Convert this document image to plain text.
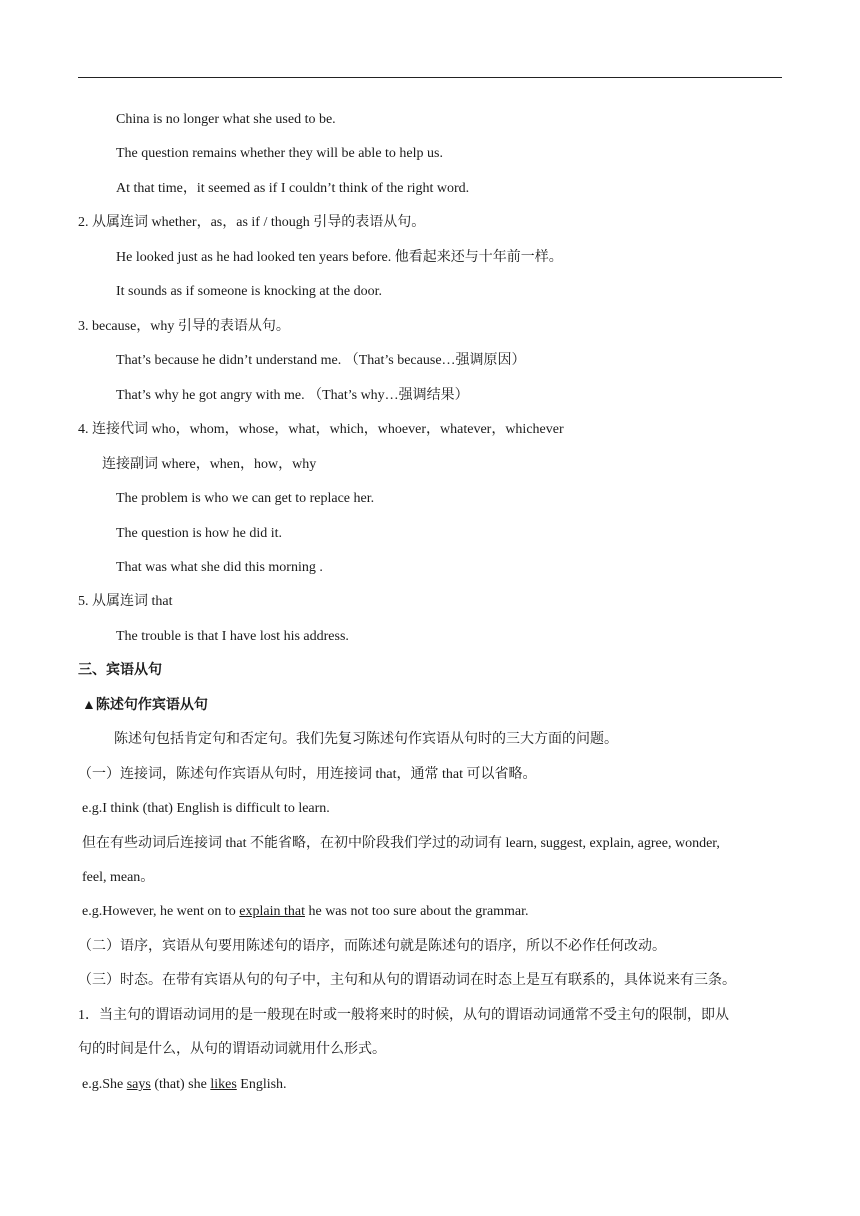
China is no longer what she used to be.
The question remains whether they will be able to help us.
At that time，it seemed as if I couldn’t think of the right word.
2. 从属连词 whether，as，as if / though 引导的表语从句。
He looked just as he had looked ten years before. 他看起来还与十年前一样。
It sounds as if someone is knocking at the door.
3. because，why 引导的表语从句。
That’s because he didn’t understand me. （That’s because…强调原因）
That’s why he got angry with me. （That’s why…强调结果）
4. 连接代词 who，whom，whose，what，which，whoever，whatever，whichever
连接副词 where，when，how，why
The problem is who we can get to replace her.
The question is how he did it.
That was what she did this morning .
5. 从属连词 that
The trouble is that I have lost his address.
三、宾语从句
▲陈述句作宾语从句
陈述句包括肯定句和否定句。我们先复习陈述句作宾语从句时的三大方面的问题。
（一）连接词，陈述句作宾语从句时，用连接词 that，通常 that 可以省略。
e.g.I think (that) English is difficult to learn.
但在有些动词后连接词 that 不能省略，在初中阶段我们学过的动词有 learn, suggest, explain, agree, wonder,
feel, mean。
e.g.However, he went on to explain that he was not too sure about the grammar.
（二）语序，宾语从句要用陈述句的语序，而陈述句就是陈述句的语序，所以不必作任何改动。
（三）时态。在带有宾语从句的句子中，主句和从句的谓语动词在时态上是互有联系的，具体说来有三条。
1．当主句的谓语动词用的是一般现在时或一般将来时的时候，从句的谓语动词通常不受主句的限制，即从
句的时间是什么，从句的谓语动词就用什么形式。
e.g.She says (that) she likes English.
